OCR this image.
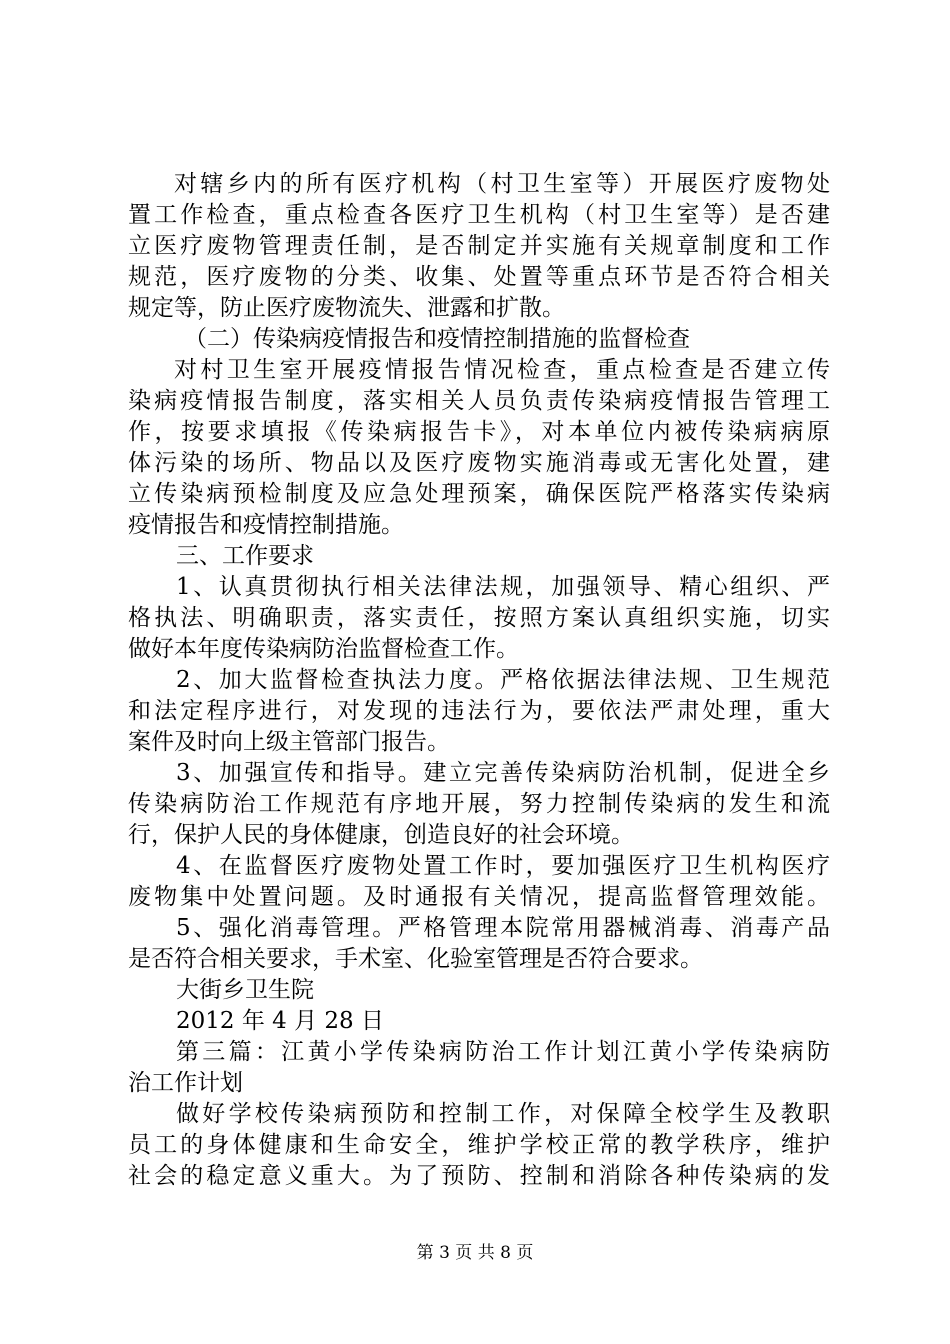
对辖乡内的所有医疗机构（村卫生室等）开展医疗废物处
置工作检查，重点检查各医疗卫生机构（村卫生室等）是否建
立医疗废物管理责任制，是否制定并实施有关规章制度和工作
规范，医疗废物的分类、收集、处置等重点环节是否符合相关
规定等，防止医疗废物流失、泄露和扩散。
（二）传染病疫情报告和疫情控制措施的监督检查
对村卫生室开展疫情报告情况检查，重点检查是否建立传
染病疫情报告制度，落实相关人员负责传染病疫情报告管理工
作，按要求填报《传染病报告卡》，对本单位内被传染病病原
体污染的场所、物品以及医疗废物实施消毒或无害化处置，建
立传染病预检制度及应急处理预案，确保医院严格落实传染病
疫情报告和疫情控制措施。
三、工作要求
1、认真贯彻执行相关法律法规，加强领导、精心组织、严
格执法、明确职责，落实责任，按照方案认真组织实施，切实
做好本年度传染病防治监督检查工作。
2、加大监督检查执法力度。严格依据法律法规、卫生规范
和法定程序进行，对发现的违法行为，要依法严肃处理，重大
案件及时向上级主管部门报告。
3、加强宣传和指导。建立完善传染病防治机制，促进全乡
传染病防治工作规范有序地开展，努力控制传染病的发生和流
行，保护人民的身体健康，创造良好的社会环境。
4、在监督医疗废物处置工作时，要加强医疗卫生机构医疗
废物集中处置问题。及时通报有关情况，提高监督管理效能。
5、强化消毒管理。严格管理本院常用器械消毒、消毒产品
是否符合相关要求，手术室、化验室管理是否符合要求。
大街乡卫生院
2012 年 4 月 28 日
第三篇：江黄小学传染病防治工作计划江黄小学传染病防
治工作计划
做好学校传染病预防和控制工作，对保障全校学生及教职
员工的身体健康和生命安全，维护学校正常的教学秩序，维护
社会的稳定意义重大。为了预防、控制和消除各种传染病的发
第 3 页 共 8 页
